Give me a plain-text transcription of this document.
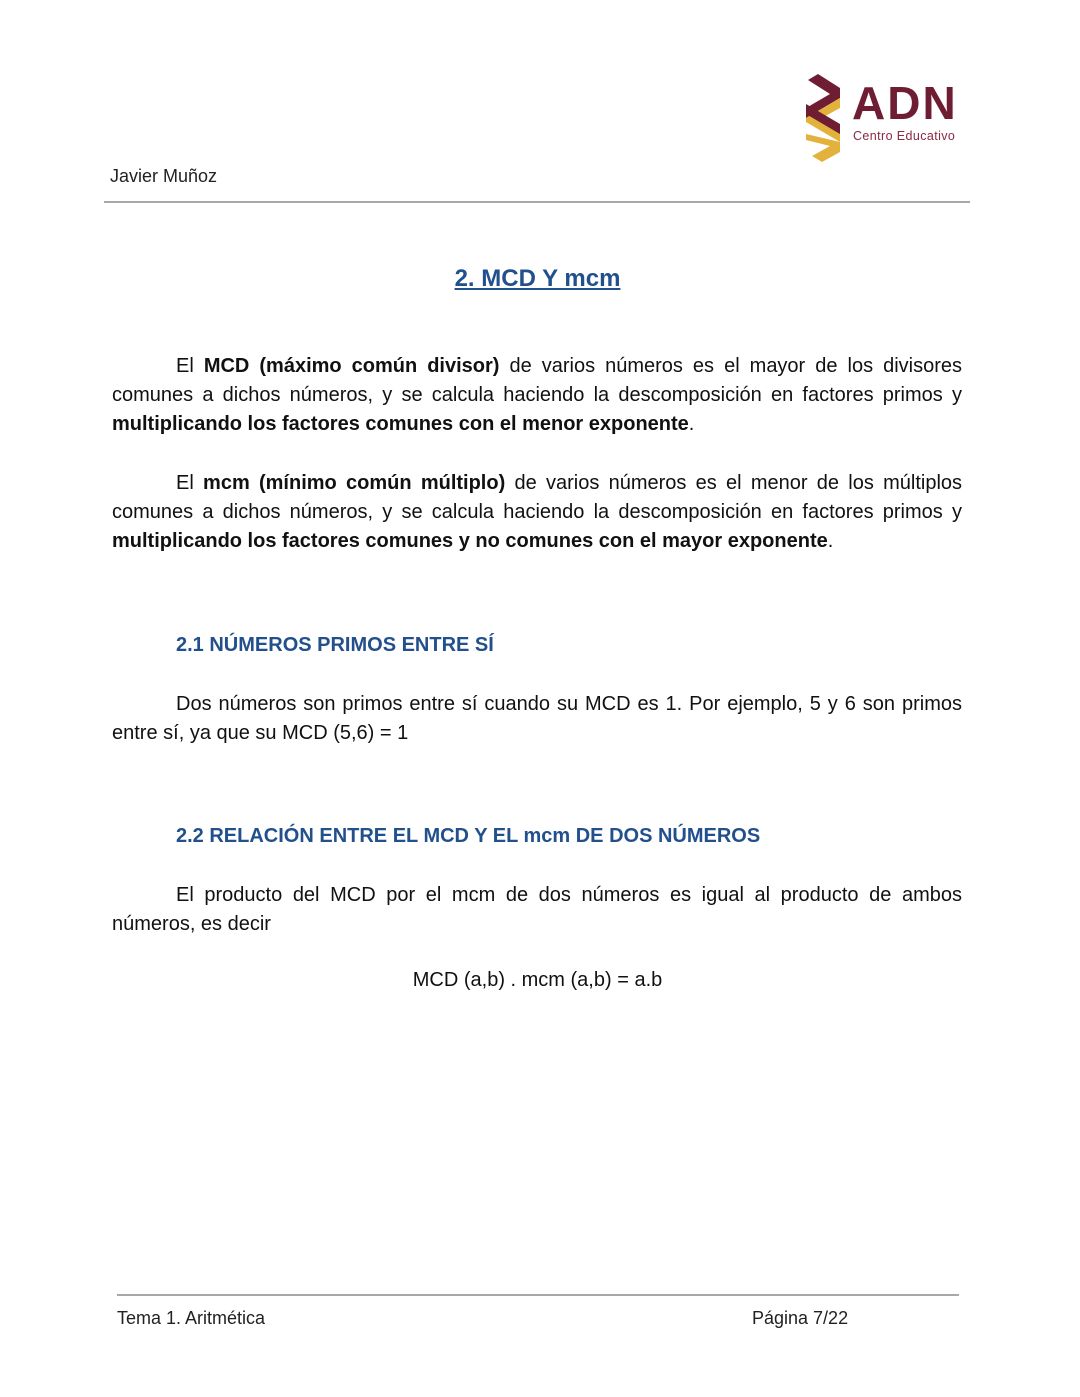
Javier Muñoz
ADN
Centro Educativo
2. MCD Y mcm

El MCD (máximo común divisor) de varios números es el mayor de los divisores comunes a dichos números, y se calcula haciendo la descomposición en factores primos y multiplicando los factores comunes con el menor exponente.

El mcm (mínimo común múltiplo) de varios números es el menor de los múltiplos comunes a dichos números, y se calcula haciendo la descomposición en factores primos y multiplicando los factores comunes y no comunes con el mayor exponente.

2.1 NÚMEROS PRIMOS ENTRE SÍ

Dos números son primos entre sí cuando su MCD es 1. Por ejemplo, 5 y 6 son primos entre sí, ya que su MCD (5,6) = 1

2.2 RELACIÓN ENTRE EL MCD Y EL mcm DE DOS NÚMEROS

El producto del MCD por el mcm de dos números es igual al producto de ambos números, es decir

MCD (a,b) . mcm (a,b) = a.b
Tema 1. Aritmética	Página 7/22
